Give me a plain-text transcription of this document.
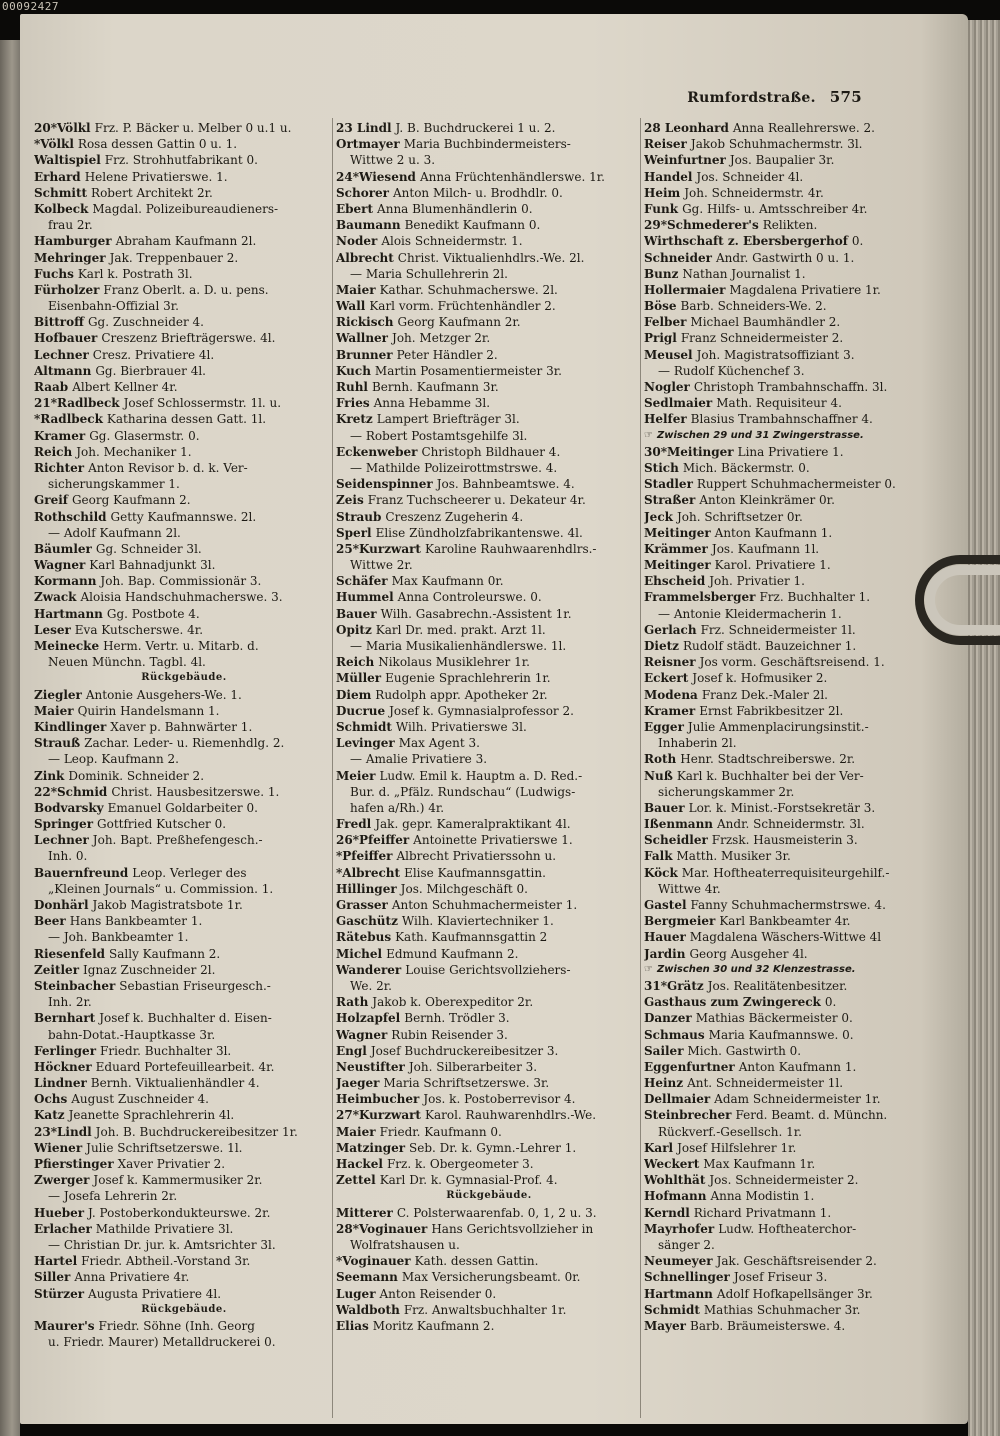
00092427
Rumfordstraße. 575
20*Völkl Frz. P. Bäcker u. Melber 0 u.1 u.
*Völkl Rosa dessen Gattin 0 u. 1.
Waltispiel Frz. Strohhutfabrikant 0.
Erhard Helene Privatierswe. 1.
Schmitt Robert Architekt 2r.
Kolbeck Magdal. Polizeibureaudieners-
frau 2r.
Hamburger Abraham Kaufmann 2l.
Mehringer Jak. Treppenbauer 2.
Fuchs Karl k. Postrath 3l.
Fürholzer Franz Oberlt. a. D. u. pens.
Eisenbahn-Offizial 3r.
Bittroff Gg. Zuschneider 4.
Hofbauer Creszenz Briefträgerswe. 4l.
Lechner Cresz. Privatiere 4l.
Altmann Gg. Bierbrauer 4l.
Raab Albert Kellner 4r.
21*Radlbeck Josef Schlossermstr. 1l. u.
*Radlbeck Katharina dessen Gatt. 1l.
Kramer Gg. Glasermstr. 0.
Reich Joh. Mechaniker 1.
Richter Anton Revisor b. d. k. Ver-
sicherungskammer 1.
Greif Georg Kaufmann 2.
Rothschild Getty Kaufmannswe. 2l.
— Adolf Kaufmann 2l.
Bäumler Gg. Schneider 3l.
Wagner Karl Bahnadjunkt 3l.
Kormann Joh. Bap. Commissionär 3.
Zwack Aloisia Handschuhmacherswe. 3.
Hartmann Gg. Postbote 4.
Leser Eva Kutscherswe. 4r.
Meinecke Herm. Vertr. u. Mitarb. d.
Neuen Münchn. Tagbl. 4l.
Rückgebäude.
Ziegler Antonie Ausgehers-We. 1.
Maier Quirin Handelsmann 1.
Kindlinger Xaver p. Bahnwärter 1.
Strauß Zachar. Leder- u. Riemenhdlg. 2.
— Leop. Kaufmann 2.
Zink Dominik. Schneider 2.
22*Schmid Christ. Hausbesitzerswe. 1.
Bodvarsky Emanuel Goldarbeiter 0.
Springer Gottfried Kutscher 0.
Lechner Joh. Bapt. Preßhefengesch.-
Inh. 0.
Bauernfreund Leop. Verleger des
„Kleinen Journals“ u. Commission. 1.
Donhärl Jakob Magistratsbote 1r.
Beer Hans Bankbeamter 1.
— Joh. Bankbeamter 1.
Riesenfeld Sally Kaufmann 2.
Zeitler Ignaz Zuschneider 2l.
Steinbacher Sebastian Friseurgesch.-
Inh. 2r.
Bernhart Josef k. Buchhalter d. Eisen-
bahn-Dotat.-Hauptkasse 3r.
Ferlinger Friedr. Buchhalter 3l.
Höckner Eduard Portefeuillearbeit. 4r.
Lindner Bernh. Viktualienhändler 4.
Ochs August Zuschneider 4.
Katz Jeanette Sprachlehrerin 4l.
23*Lindl Joh. B. Buchdruckereibesitzer 1r.
Wiener Julie Schriftsetzerswe. 1l.
Pfierstinger Xaver Privatier 2.
Zwerger Josef k. Kammermusiker 2r.
— Josefa Lehrerin 2r.
Hueber J. Postoberkondukteurswe. 2r.
Erlacher Mathilde Privatiere 3l.
— Christian Dr. jur. k. Amtsrichter 3l.
Hartel Friedr. Abtheil.-Vorstand 3r.
Siller Anna Privatiere 4r.
Stürzer Augusta Privatiere 4l.
Rückgebäude.
Maurer's Friedr. Söhne (Inh. Georg
u. Friedr. Maurer) Metalldruckerei 0.
23 Lindl J. B. Buchdruckerei 1 u. 2.
Ortmayer Maria Buchbindermeisters-
Wittwe 2 u. 3.
24*Wiesend Anna Früchtenhändlerswe. 1r.
Schorer Anton Milch- u. Brodhdlr. 0.
Ebert Anna Blumenhändlerin 0.
Baumann Benedikt Kaufmann 0.
Noder Alois Schneidermstr. 1.
Albrecht Christ. Viktualienhdlrs.-We. 2l.
— Maria Schullehrerin 2l.
Maier Kathar. Schuhmacherswe. 2l.
Wall Karl vorm. Früchtenhändler 2.
Rickisch Georg Kaufmann 2r.
Wallner Joh. Metzger 2r.
Brunner Peter Händler 2.
Kuch Martin Posamentiermeister 3r.
Ruhl Bernh. Kaufmann 3r.
Fries Anna Hebamme 3l.
Kretz Lampert Briefträger 3l.
— Robert Postamtsgehilfe 3l.
Eckenweber Christoph Bildhauer 4.
— Mathilde Polizeirottmstrswe. 4.
Seidenspinner Jos. Bahnbeamtswe. 4.
Zeis Franz Tuchscheerer u. Dekateur 4r.
Straub Creszenz Zugeherin 4.
Sperl Elise Zündholzfabrikantenswe. 4l.
25*Kurzwart Karoline Rauhwaarenhdlrs.-
Wittwe 2r.
Schäfer Max Kaufmann 0r.
Hummel Anna Controleurswe. 0.
Bauer Wilh. Gasabrechn.-Assistent 1r.
Opitz Karl Dr. med. prakt. Arzt 1l.
— Maria Musikalienhändlerswe. 1l.
Reich Nikolaus Musiklehrer 1r.
Müller Eugenie Sprachlehrerin 1r.
Diem Rudolph appr. Apotheker 2r.
Ducrue Josef k. Gymnasialprofessor 2.
Schmidt Wilh. Privatierswe 3l.
Levinger Max Agent 3.
— Amalie Privatiere 3.
Meier Ludw. Emil k. Hauptm a. D. Red.-
Bur. d. „Pfälz. Rundschau“ (Ludwigs-
hafen a/Rh.) 4r.
Fredl Jak. gepr. Kameralpraktikant 4l.
26*Pfeiffer Antoinette Privatierswe 1.
*Pfeiffer Albrecht Privatierssohn u.
*Albrecht Elise Kaufmannsgattin.
Hillinger Jos. Milchgeschäft 0.
Grasser Anton Schuhmachermeister 1.
Gaschütz Wilh. Klaviertechniker 1.
Rätebus Kath. Kaufmannsgattin 2
Michel Edmund Kaufmann 2.
Wanderer Louise Gerichtsvollziehers-
We. 2r.
Rath Jakob k. Oberexpeditor 2r.
Holzapfel Bernh. Trödler 3.
Wagner Rubin Reisender 3.
Engl Josef Buchdruckereibesitzer 3.
Neustifter Joh. Silberarbeiter 3.
Jaeger Maria Schriftsetzerswe. 3r.
Heimbucher Jos. k. Postoberrevisor 4.
27*Kurzwart Karol. Rauhwarenhdlrs.-We.
Maier Friedr. Kaufmann 0.
Matzinger Seb. Dr. k. Gymn.-Lehrer 1.
Hackel Frz. k. Obergeometer 3.
Zettel Karl Dr. k. Gymnasial-Prof. 4.
Rückgebäude.
Mitterer C. Polsterwaarenfab. 0, 1, 2 u. 3.
28*Voginauer Hans Gerichtsvollzieher in
Wolfratshausen u.
*Voginauer Kath. dessen Gattin.
Seemann Max Versicherungsbeamt. 0r.
Luger Anton Reisender 0.
Waldboth Frz. Anwaltsbuchhalter 1r.
Elias Moritz Kaufmann 2.
28 Leonhard Anna Reallehrerswe. 2.
Reiser Jakob Schuhmachermstr. 3l.
Weinfurtner Jos. Baupalier 3r.
Handel Jos. Schneider 4l.
Heim Joh. Schneidermstr. 4r.
Funk Gg. Hilfs- u. Amtsschreiber 4r.
29*Schmederer's Relikten.
Wirthschaft z. Ebersbergerhof 0.
Schneider Andr. Gastwirth 0 u. 1.
Bunz Nathan Journalist 1.
Hollermaier Magdalena Privatiere 1r.
Böse Barb. Schneiders-We. 2.
Felber Michael Baumhändler 2.
Prigl Franz Schneidermeister 2.
Meusel Joh. Magistratsoffiziant 3.
— Rudolf Küchenchef 3.
Nogler Christoph Trambahnschaffn. 3l.
Sedlmaier Math. Requisiteur 4.
Helfer Blasius Trambahnschaffner 4.
☞ Zwischen 29 und 31 Zwingerstrasse.
30*Meitinger Lina Privatiere 1.
Stich Mich. Bäckermstr. 0.
Stadler Ruppert Schuhmachermeister 0.
Straßer Anton Kleinkrämer 0r.
Jeck Joh. Schriftsetzer 0r.
Meitinger Anton Kaufmann 1.
Krämmer Jos. Kaufmann 1l.
Meitinger Karol. Privatiere 1.
Ehscheid Joh. Privatier 1.
Frammelsberger Frz. Buchhalter 1.
— Antonie Kleidermacherin 1.
Gerlach Frz. Schneidermeister 1l.
Dietz Rudolf städt. Bauzeichner 1.
Reisner Jos vorm. Geschäftsreisend. 1.
Eckert Josef k. Hofmusiker 2.
Modena Franz Dek.-Maler 2l.
Kramer Ernst Fabrikbesitzer 2l.
Egger Julie Ammenplacirungsinstit.-
Inhaberin 2l.
Roth Henr. Stadtschreiberswe. 2r.
Nuß Karl k. Buchhalter bei der Ver-
sicherungskammer 2r.
Bauer Lor. k. Minist.-Forstsekretär 3.
Ißenmann Andr. Schneidermstr. 3l.
Scheidler Frzsk. Hausmeisterin 3.
Falk Matth. Musiker 3r.
Köck Mar. Hoftheaterrequisiteurgehilf.-
Wittwe 4r.
Gastel Fanny Schuhmachermstrswe. 4.
Bergmeier Karl Bankbeamter 4r.
Hauer Magdalena Wäschers-Wittwe 4l
Jardin Georg Ausgeher 4l.
☞ Zwischen 30 und 32 Klenzestrasse.
31*Grätz Jos. Realitätenbesitzer.
Gasthaus zum Zwingereck 0.
Danzer Mathias Bäckermeister 0.
Schmaus Maria Kaufmannswe. 0.
Sailer Mich. Gastwirth 0.
Eggenfurtner Anton Kaufmann 1.
Heinz Ant. Schneidermeister 1l.
Dellmaier Adam Schneidermeister 1r.
Steinbrecher Ferd. Beamt. d. Münchn.
Rückverf.-Gesellsch. 1r.
Karl Josef Hilfslehrer 1r.
Weckert Max Kaufmann 1r.
Wohlthät Jos. Schneidermeister 2.
Hofmann Anna Modistin 1.
Kerndl Richard Privatmann 1.
Mayrhofer Ludw. Hoftheaterchor-
sänger 2.
Neumeyer Jak. Geschäftsreisender 2.
Schnellinger Josef Friseur 3.
Hartmann Adolf Hofkapellsänger 3r.
Schmidt Mathias Schuhmacher 3r.
Mayer Barb. Bräumeisterswe. 4.
